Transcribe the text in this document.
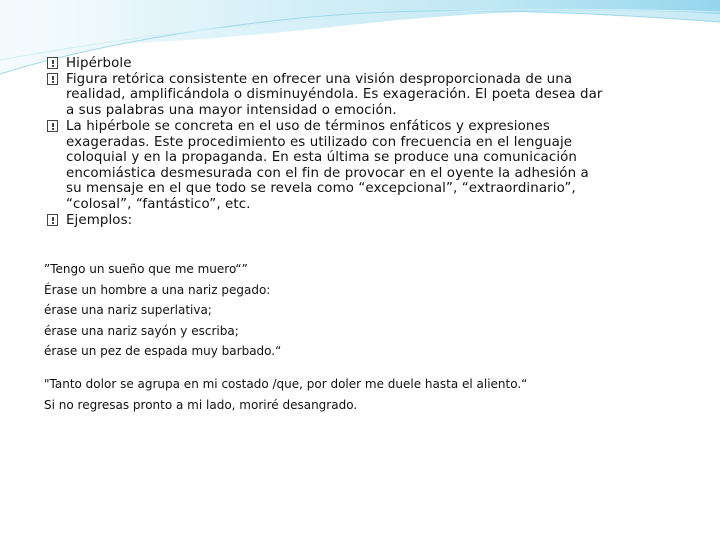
Hipérbole

Figura retórica consistente en ofrecer una visión desproporcionada de una realidad, amplificándola o disminuyéndola. Es exageración. El poeta desea dar a sus palabras una mayor intensidad o emoción.

La hipérbole se concreta en el uso de términos enfáticos y expresiones exageradas. Este procedimiento es utilizado con frecuencia en el lenguaje coloquial y en la propaganda. En esta última se produce una comunicación encomiástica desmesurada con el fin de provocar en el oyente la adhesión a su mensaje en el que todo se revela como “excepcional”, “extraordinario”, “colosal”, “fantástico”, etc.

Ejemplos:

”Tengo un sueño que me muero“”
Érase un hombre a una nariz pegado:
érase una nariz superlativa;
érase una nariz sayón y escriba;
érase un pez de espada muy barbado.“
"Tanto dolor se agrupa en mi costado /que, por doler me duele hasta el aliento.“
Si no regresas pronto a mi lado, moriré desangrado.
